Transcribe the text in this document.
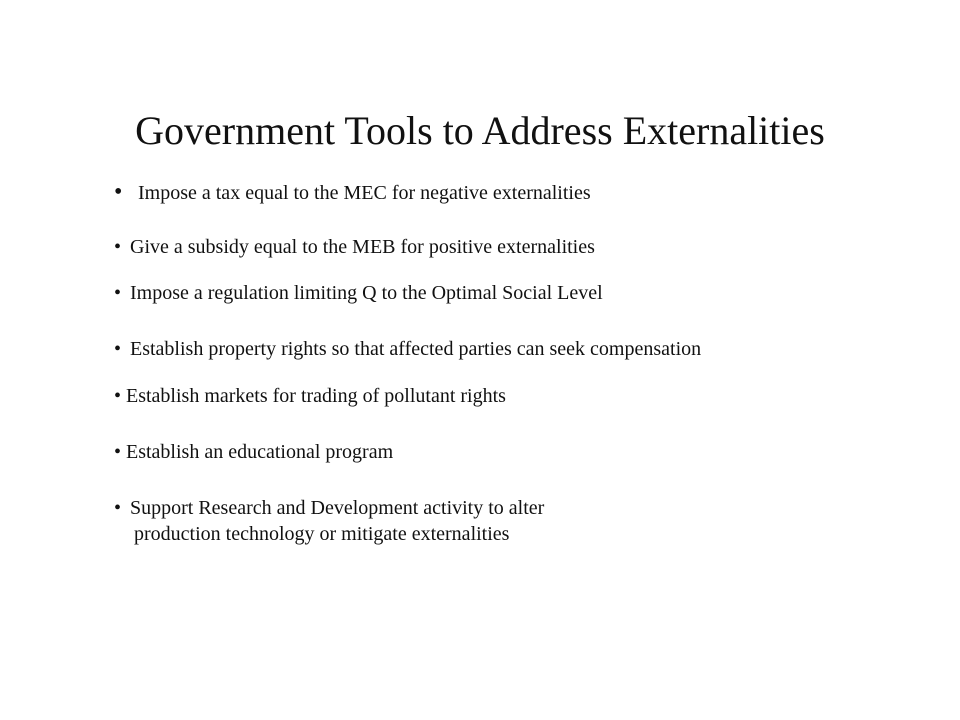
Government Tools to Address Externalities
• Impose a tax equal to the MEC for negative externalities
• Give a subsidy equal to the MEB for positive externalities
• Impose a regulation limiting Q to the Optimal Social Level
• Establish property rights so that affected parties can seek compensation
• Establish markets for trading of pollutant rights
• Establish an educational program
• Support Research and Development activity to alter
production technology or mitigate externalities
